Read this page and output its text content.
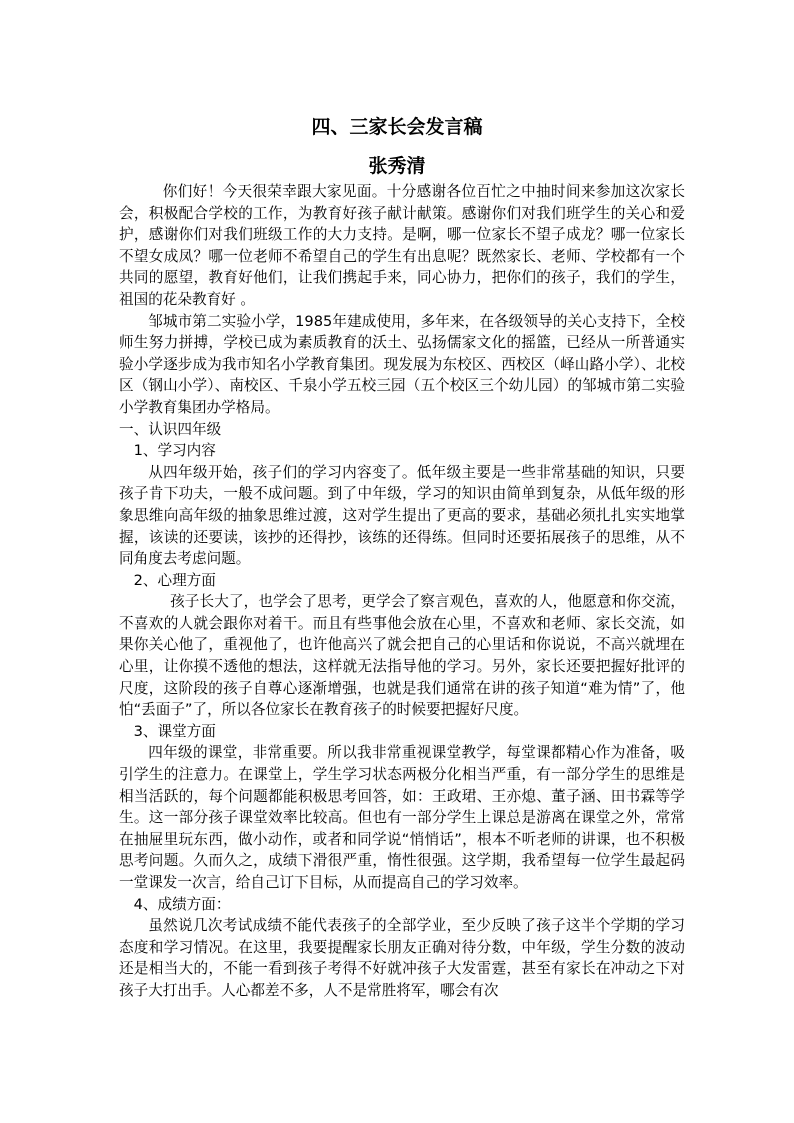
四、三家长会发言稿
张秀清

你们好！今天很荣幸跟大家见面。十分感谢各位百忙之中抽时间来参加这次家长会，积极配合学校的工作，为教育好孩子献计献策。感谢你们对我们班学生的关心和爱护，感谢你们对我们班级工作的大力支持。是啊，哪一位家长不望子成龙？哪一位家长不望女成凤？哪一位老师不希望自己的学生有出息呢？既然家长、老师、学校都有一个共同的愿望，教育好他们，让我们携起手来，同心协力，把你们的孩子，我们的学生，祖国的花朵教育好 。

邹城市第二实验小学，1985年建成使用，多年来，在各级领导的关心支持下，全校师生努力拼搏，学校已成为素质教育的沃土、弘扬儒家文化的摇篮，已经从一所普通实验小学逐步成为我市知名小学教育集团。现发展为东校区、西校区（峄山路小学）、北校区（钢山小学）、南校区、千泉小学五校三园（五个校区三个幼儿园）的邹城市第二实验小学教育集团办学格局。

一、认识四年级

1、学习内容

从四年级开始，孩子们的学习内容变了。低年级主要是一些非常基础的知识，只要孩子肯下功夫，一般不成问题。到了中年级，学习的知识由简单到复杂，从低年级的形象思维向高年级的抽象思维过渡，这对学生提出了更高的要求，基础必须扎扎实实地掌握，该读的还要读，该抄的还得抄，该练的还得练。但同时还要拓展孩子的思维，从不同角度去考虑问题。

2、心理方面

孩子长大了，也学会了思考，更学会了察言观色，喜欢的人，他愿意和你交流，不喜欢的人就会跟你对着干。而且有些事他会放在心里，不喜欢和老师、家长交流，如果你关心他了，重视他了，也许他高兴了就会把自己的心里话和你说说，不高兴就埋在心里，让你摸不透他的想法，这样就无法指导他的学习。另外，家长还要把握好批评的尺度，这阶段的孩子自尊心逐渐增强，也就是我们通常在讲的孩子知道“难为情”了，他怕“丢面子”了，所以各位家长在教育孩子的时候要把握好尺度。

3、课堂方面

四年级的课堂，非常重要。所以我非常重视课堂教学，每堂课都精心作为准备，吸引学生的注意力。在课堂上，学生学习状态两极分化相当严重，有一部分学生的思维是相当活跃的，每个问题都能积极思考回答，如：王政珺、王亦熄、董子涵、田书霖等学生。这一部分孩子课堂效率比较高。但也有一部分学生上课总是游离在课堂之外，常常在抽屉里玩东西，做小动作，或者和同学说“悄悄话”，根本不听老师的讲课，也不积极思考问题。久而久之，成绩下滑很严重，惰性很强。这学期，我希望每一位学生最起码一堂课发一次言，给自己订下目标，从而提高自己的学习效率。

4、成绩方面：

虽然说几次考试成绩不能代表孩子的全部学业，至少反映了孩子这半个学期的学习态度和学习情况。在这里，我要提醒家长朋友正确对待分数，中年级，学生分数的波动还是相当大的，不能一看到孩子考得不好就冲孩子大发雷霆，甚至有家长在冲动之下对孩子大打出手。人心都差不多，人不是常胜将军，哪会有次
